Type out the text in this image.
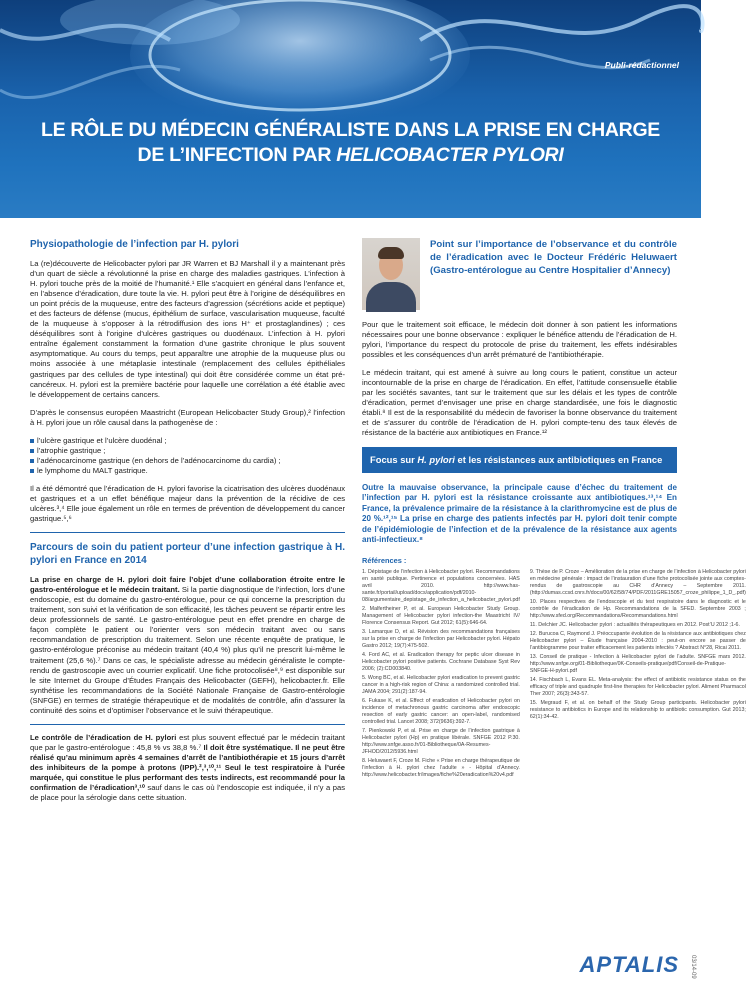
Publi-rédactionnel
LE RÔLE DU MÉDECIN GÉNÉRALISTE DANS LA PRISE EN CHARGE
DE L’INFECTION PAR HELICOBACTER PYLORI
Physiopathologie de l’infection par H. pylori

La (re)découverte de Helicobacter pylori par JR Warren et BJ Marshall il y a maintenant près d’un quart de siècle a révolutionné la prise en charge des maladies gastriques. L’infection à H. pylori touche près de la moitié de l’humanité.¹ Elle s’acquiert en général dans l’enfance et, en l’absence d’éradication, dure toute la vie. H. pylori peut être à l’origine de déséquilibres en un point précis de la muqueuse, entre des facteurs d’agression (sécrétions acide et peptique) et des facteurs de défense (mucus, épithélium de surface, vascularisation muqueuse, faculté de la muqueuse à s’opposer à la rétrodiffusion des ions H⁺ et prostaglandines) ; ces déséquilibres sont à l’origine d’ulcères gastriques ou duodénaux. L’infection à H. pylori entraîne également constamment la formation d’une gastrite chronique le plus souvent asymptomatique. Au cours du temps, peut apparaître une atrophie de la muqueuse plus ou moins associée à une métaplasie intestinale (remplacement des cellules épithéliales gastriques par des cellules de type intestinal) qui doit être considérée comme un état pré-cancéreux. H. pylori est la première bactérie pour laquelle une corrélation a été établie avec le développement de certains cancers.

D’après le consensus européen Maastricht (European Helicobacter Study Group),² l’infection à H. pylori joue un rôle causal dans la pathogenèse de :

l’ulcère gastrique et l’ulcère duodénal ;
l’atrophie gastrique ;
l’adénocarcinome gastrique (en dehors de l’adénocarcinome du cardia) ;
le lymphome du MALT gastrique.

Il a été démontré que l’éradication de H. pylori favorise la cicatrisation des ulcères duodénaux et gastriques et a un effet bénéfique majeur dans la prévention de la récidive de ces ulcères.³,⁴ Elle joue également un rôle en termes de prévention de développement du cancer gastrique.⁵,⁶

Parcours de soin du patient porteur d’une infection gastrique à H. pylori en France en 2014

La prise en charge de H. pylori doit faire l’objet d’une collaboration étroite entre le gastro-entérologue et le médecin traitant. Si la partie diagnostique de l’infection, lors d’une endoscopie, est du domaine du gastro-entérologue, pour ce qui concerne la prescription du traitement, son suivi et la vérification de son efficacité, les tâches peuvent se répartir entre les deux professionnels de santé. Le gastro-entérologue peut en effet prendre en charge de façon complète le patient ou l’orienter vers son médecin traitant avec ou sans recommandation de prescription du traitement. Selon une récente enquête de pratique, le gastro-entérologue préconise au médecin traitant (40,4 %) plus qu’il ne prescrit lui-même le traitement (25,6 %).⁷ Dans ce cas, le spécialiste adresse au médecin généraliste le compte-rendu de gastroscopie avec un courrier explicatif. Une fiche protocolisée⁸,⁹ est disponible sur le site Internet du Groupe d’Études Français des Helicobacter (GEFH), helicobacter.fr. Elle synthétise les recommandations de la Société Nationale Française de Gastro-entérologie (SNFGE) en termes de stratégie thérapeutique et de modalités de contrôle, afin d’assurer la continuité des soins et d’optimiser l’observance et le suivi thérapeutique.

Le contrôle de l’éradication de H. pylori est plus souvent effectué par le médecin traitant que par le gastro-entérologue : 45,8 % vs 38,8 %.⁷ Il doit être systématique. Il ne peut être réalisé qu’au minimum après 4 semaines d’arrêt de l’antibiothérapie et 15 jours d’arrêt des inhibiteurs de la pompe à protons (IPP).²,³,¹⁰,¹¹ Seul le test respiratoire à l’urée marquée, qui constitue le plus performant des tests indirects, est recommandé pour la confirmation de l’éradication³,¹⁰ sauf dans le cas où l’endoscopie est indiquée, il n’y a pas de place pour la sérologie dans cette situation.

Point sur l’importance de l’observance et du contrôle de l’éradication avec le Docteur Frédéric Heluwaert (Gastro-entérologue au Centre Hospitalier d’Annecy)

Pour que le traitement soit efficace, le médecin doit donner à son patient les informations nécessaires pour une bonne observance : expliquer le bénéfice attendu de l’éradication de H. pylori, l’importance du respect du protocole de prise du traitement, les effets indésirables possibles et les conséquences d’un arrêt prématuré de l’antibiothérapie.

Le médecin traitant, qui est amené à suivre au long cours le patient, constitue un acteur incontournable de la prise en charge de l’éradication. En effet, l’attitude consensuelle établie par les sociétés savantes, tant sur le traitement que sur les délais et les types de contrôle d’éradication, permet d’envisager une prise en charge standardisée, une fois le diagnostic établi.⁸ Il est de la responsabilité du médecin de favoriser la bonne observance du traitement et de s’assurer du contrôle de l’éradication de H. pylori compte-tenu des taux élevés de résistance de la bactérie aux antibiotiques en France.¹²

Focus sur H. pylori et les résistances aux antibiotiques en France
Outre la mauvaise observance, la principale cause d’échec du traitement de l’infection par H. pylori est la résistance croissante aux antibiotiques.¹³,¹⁴ En France, la prévalence primaire de la résistance à la clarithromycine est de plus de 20 %.¹²,¹⁵ La prise en charge des patients infectés par H. pylori doit tenir compte de l’épidémiologie de l’infection et de la prévalence de la résistance aux agents anti-infectieux.⁸
Références :
1. Dépistage de l’infection à Helicobacter pylori. Recommandations en santé publique. Pertinence et populations concernées. HAS avril 2010. http://www.has-sante.fr/portail/upload/docs/application/pdf/2010-08/argumentaire_depistage_de_infection_a_helicobacter_pylori.pdf
2. Malfertheiner P, et al. European Helicobacter Study Group. Management of Helicobacter pylori infection-the Maastricht IV/ Florence Consensus Report. Gut 2012; 61(5):646-64.
3. Lamarque D, et al. Révision des recommandations françaises sur la prise en charge de l’infection par Helicobacter pylori. Hépato Gastro 2012; 19(7):475-502.
4. Ford AC, et al. Eradication therapy for peptic ulcer disease in Helicobacter pylori positive patients. Cochrane Database Syst Rev 2006; (2):CD003840.
5. Wong BC, et al. Helicobacter pylori eradication to prevent gastric cancer in a high-risk region of China: a randomized controlled trial. JAMA 2004; 291(2):187-94.
6. Fukase K, et al. Effect of eradication of Helicobacter pylori on incidence of metachronous gastric carcinoma after endoscopic resection of early gastric cancer: an open-label, randomised controlled trial. Lancet 2008; 372(9636):392-7.
7. Pienkowski P, et al. Prise en charge de l’infection gastrique à Helicobacter pylori (Hp) en pratique libérale. SNFGE 2012 P.30. http://www.snfge.asso.fr/01-Bibliotheque/0A-Resumes-JFHOD/2012/5936.html
8. Heluwaert F, Croze M. Fiche « Prise en charge thérapeutique de l’infection à H. pylori chez l’adulte » - Hôpital d’Annecy. http://www.helicobacter.fr/images/fiche%20eradication%20v4.pdf
9. Thèse de P. Croze – Amélioration de la prise en charge de l’infection à Helicobacter pylori en médecine générale : impact de l’instauration d’une fiche protocolisée jointe aux comptes-rendus de gastroscopie au CHR d’Annecy – Septembre 2011. (http://dumas.ccsd.cnrs.fr/docs/00/62/58/74/PDF/2011GRE15057_croze_philippe_1_D_.pdf)
10. Places respectives de l’endoscopie et du test respiratoire dans le diagnostic et le contrôle de l’éradication de Hp. Recommandations de la SFED. Septembre 2003 ; http://www.sfed.org/Recommandations/Recommandations.html
11. Delchier JC. Helicobacter pylori : actualités thérapeutiques en 2012. Post’U 2012 ;1-6.
12. Burucoa C, Raymond J. Préoccupante évolution de la résistance aux antibiotiques chez Helicobacter pylori – Étude française 2004-2010 : peut-on encore se passer de l’antibiogramme pour traiter efficacement les patients infectés ? Abstract N°28, Ricai 2011.
13. Conseil de pratique - Infection à Helicobacter pylori de l’adulte. SNFGE mars 2012. http://www.snfge.org/01-Bibliotheque/0K-Conseils-pratique/pdf/Conseil-de-Pratique-SNFGE-H-pylori.pdf
14. Fischbach L, Evans EL. Meta-analysis: the effect of antibiotic resistance status on the efficacy of triple and quadruple first-line therapies for Helicobacter pylori. Aliment Pharmacol Ther 2007; 26(3):343-57.
15. Megraud F, et al. on behalf of the Study Group participants. Helicobacter pylori resistance to antibiotics in Europe and its relationship to antibiotic consumption. Gut 2013; 62(1):34-42.
APTALIS 03/14-09
